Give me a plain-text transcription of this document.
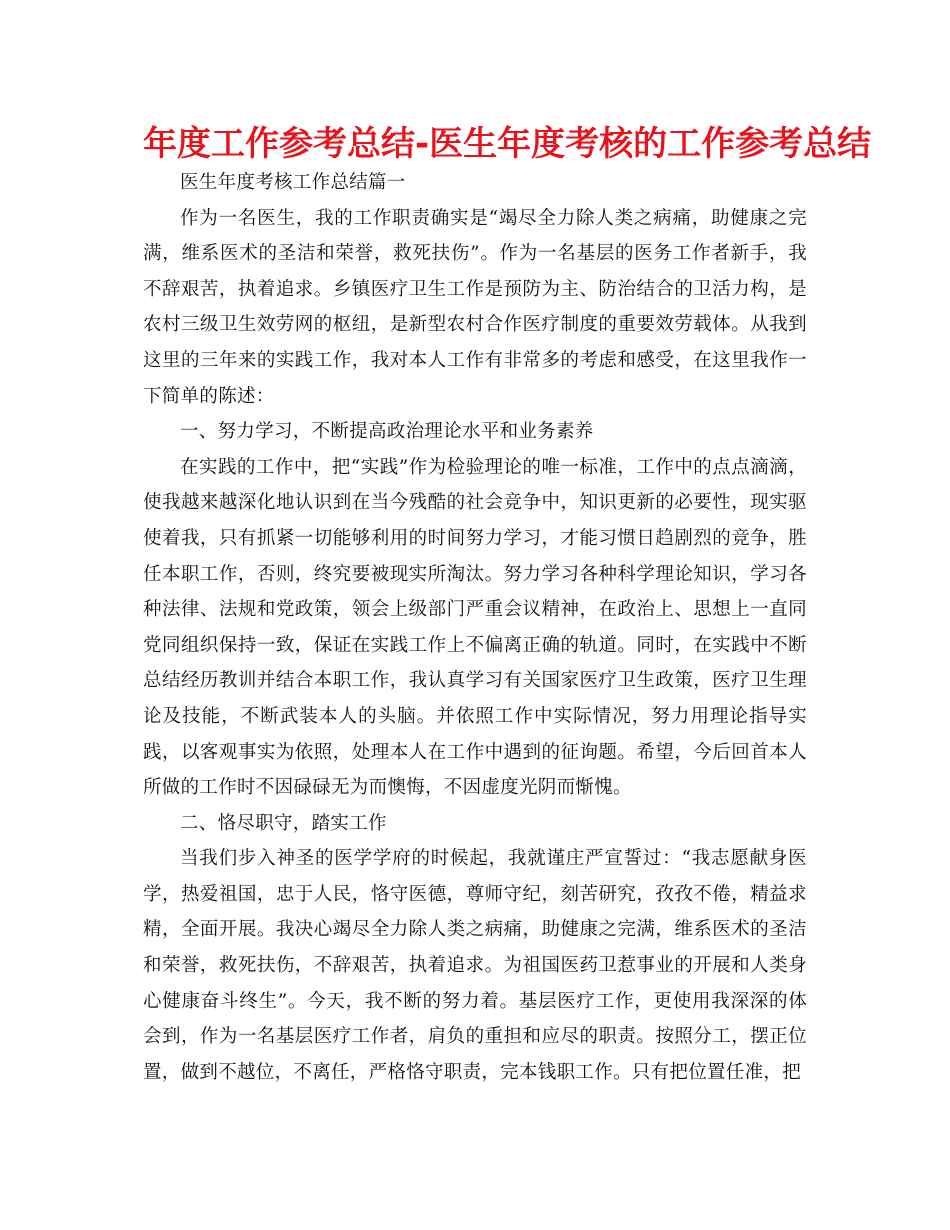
年度工作参考总结-医生年度考核的工作参考总结

医生年度考核工作总结篇一

作为一名医生，我的工作职责确实是“竭尽全力除人类之病痛，助健康之完满，维系医术的圣洁和荣誉，救死扶伤”。作为一名基层的医务工作者新手，我不辞艰苦，执着追求。乡镇医疗卫生工作是预防为主、防治结合的卫活力构，是农村三级卫生效劳网的枢纽，是新型农村合作医疗制度的重要效劳载体。从我到这里的三年来的实践工作，我对本人工作有非常多的考虑和感受，在这里我作一下简单的陈述：

一、努力学习，不断提高政治理论水平和业务素养

在实践的工作中，把“实践”作为检验理论的唯一标准，工作中的点点滴滴，使我越来越深化地认识到在当今残酷的社会竞争中，知识更新的必要性，现实驱使着我，只有抓紧一切能够利用的时间努力学习，才能习惯日趋剧烈的竞争，胜任本职工作，否则，终究要被现实所淘汰。努力学习各种科学理论知识，学习各种法律、法规和党政策，领会上级部门严重会议精神，在政治上、思想上一直同党同组织保持一致，保证在实践工作上不偏离正确的轨道。同时，在实践中不断总结经历教训并结合本职工作，我认真学习有关国家医疗卫生政策，医疗卫生理论及技能，不断武装本人的头脑。并依照工作中实际情况，努力用理论指导实践，以客观事实为依照，处理本人在工作中遇到的征询题。希望，今后回首本人所做的工作时不因碌碌无为而懊悔，不因虚度光阴而惭愧。

二、恪尽职守，踏实工作

当我们步入神圣的医学学府的时候起，我就谨庄严宣誓过：“我志愿献身医学，热爱祖国，忠于人民，恪守医德，尊师守纪，刻苦研究，孜孜不倦，精益求精，全面开展。我决心竭尽全力除人类之病痛，助健康之完满，维系医术的圣洁和荣誉，救死扶伤，不辞艰苦，执着追求。为祖国医药卫惹事业的开展和人类身心健康奋斗终生”。今天，我不断的努力着。基层医疗工作，更使用我深深的体会到，作为一名基层医疗工作者，肩负的重担和应尽的职责。按照分工，摆正位置，做到不越位，不离任，严格恪守职责，完本钱职工作。只有把位置任准，把
